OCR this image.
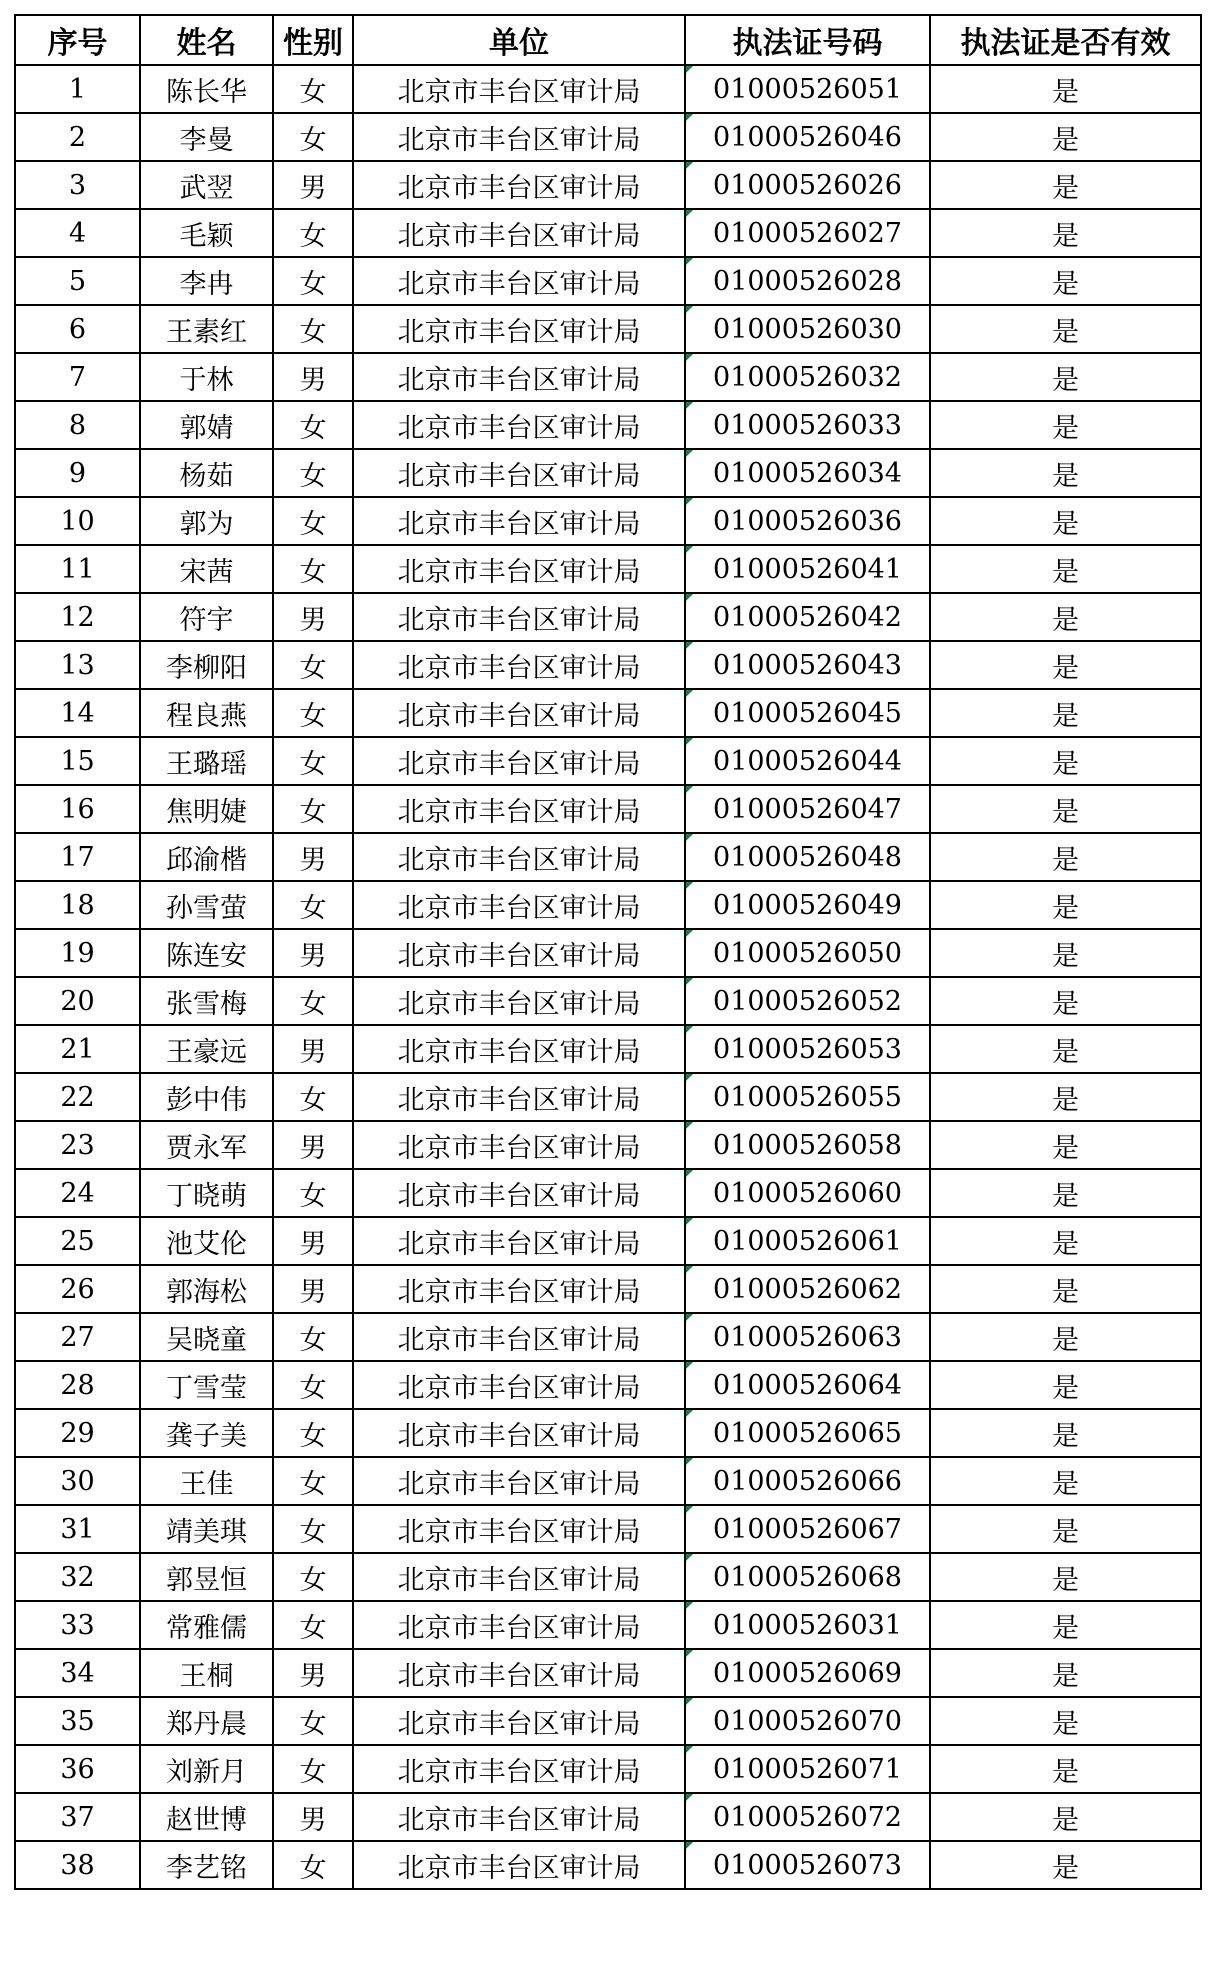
序号	姓名	性别	单位	执法证号码	执法证是否有效
1	陈长华	女	北京市丰台区审计局	01000526051	是
2	李曼	女	北京市丰台区审计局	01000526046	是
3	武翌	男	北京市丰台区审计局	01000526026	是
4	毛颖	女	北京市丰台区审计局	01000526027	是
5	李冉	女	北京市丰台区审计局	01000526028	是
6	王素红	女	北京市丰台区审计局	01000526030	是
7	于林	男	北京市丰台区审计局	01000526032	是
8	郭婧	女	北京市丰台区审计局	01000526033	是
9	杨茹	女	北京市丰台区审计局	01000526034	是
10	郭为	女	北京市丰台区审计局	01000526036	是
11	宋茜	女	北京市丰台区审计局	01000526041	是
12	符宇	男	北京市丰台区审计局	01000526042	是
13	李柳阳	女	北京市丰台区审计局	01000526043	是
14	程良燕	女	北京市丰台区审计局	01000526045	是
15	王璐瑶	女	北京市丰台区审计局	01000526044	是
16	焦明婕	女	北京市丰台区审计局	01000526047	是
17	邱渝楷	男	北京市丰台区审计局	01000526048	是
18	孙雪萤	女	北京市丰台区审计局	01000526049	是
19	陈连安	男	北京市丰台区审计局	01000526050	是
20	张雪梅	女	北京市丰台区审计局	01000526052	是
21	王豪远	男	北京市丰台区审计局	01000526053	是
22	彭中伟	女	北京市丰台区审计局	01000526055	是
23	贾永军	男	北京市丰台区审计局	01000526058	是
24	丁晓萌	女	北京市丰台区审计局	01000526060	是
25	池艾伦	男	北京市丰台区审计局	01000526061	是
26	郭海松	男	北京市丰台区审计局	01000526062	是
27	吴晓童	女	北京市丰台区审计局	01000526063	是
28	丁雪莹	女	北京市丰台区审计局	01000526064	是
29	龚子美	女	北京市丰台区审计局	01000526065	是
30	王佳	女	北京市丰台区审计局	01000526066	是
31	靖美琪	女	北京市丰台区审计局	01000526067	是
32	郭昱恒	女	北京市丰台区审计局	01000526068	是
33	常雅儒	女	北京市丰台区审计局	01000526031	是
34	王桐	男	北京市丰台区审计局	01000526069	是
35	郑丹晨	女	北京市丰台区审计局	01000526070	是
36	刘新月	女	北京市丰台区审计局	01000526071	是
37	赵世博	男	北京市丰台区审计局	01000526072	是
38	李艺铭	女	北京市丰台区审计局	01000526073	是
